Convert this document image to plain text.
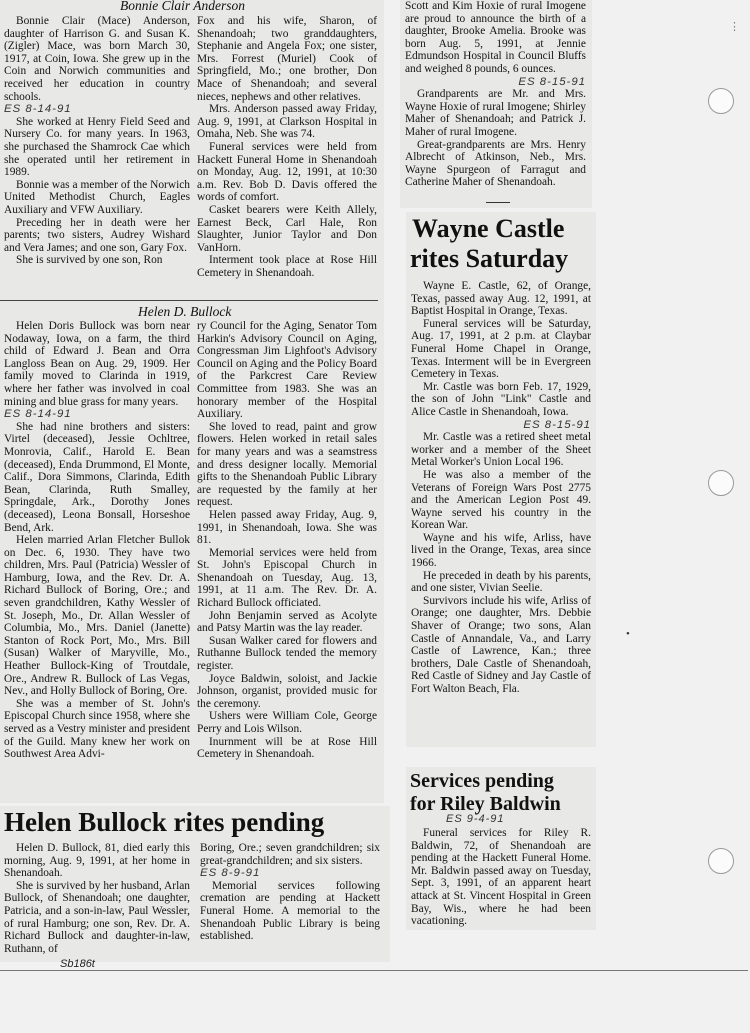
Bonnie Clair Anderson

Bonnie Clair (Mace) Anderson, daughter of Harrison G. and Susan K. (Zigler) Mace, was born March 30, 1917, at Coin, Iowa. She grew up in the Coin and Norwich communities and received her education in country schools.

ES 8-14-91

She worked at Henry Field Seed and Nursery Co. for many years. In 1963, she purchased the Shamrock Cae which she operated until her retirement in 1989.

Bonnie was a member of the Norwich United Methodist Church, Eagles Auxiliary and VFW Auxiliary.

Preceding her in death were her parents; two sisters, Audrey Wishard and Vera James; and one son, Gary Fox.

She is survived by one son, Ron

Fox and his wife, Sharon, of Shenandoah; two granddaughters, Stephanie and Angela Fox; one sister, Mrs. Forrest (Muriel) Cook of Springfield, Mo.; one brother, Don Mace of Shenandoah; and several nieces, nephews and other relatives.

Mrs. Anderson passed away Friday, Aug. 9, 1991, at Clarkson Hospital in Omaha, Neb. She was 74.

Funeral services were held from Hackett Funeral Home in Shenandoah on Monday, Aug. 12, 1991, at 10:30 a.m. Rev. Bob D. Davis offered the words of comfort.

Casket bearers were Keith Allely, Earnest Beck, Carl Hale, Ron Slaughter, Junior Taylor and Don VanHorn.

Interment took place at Rose Hill Cemetery in Shenandoah.

Helen D. Bullock

Helen Doris Bullock was born near Nodaway, Iowa, on a farm, the third child of Edward J. Bean and Orra Langloss Bean on Aug. 29, 1909. Her family moved to Clarinda in 1919, where her father was involved in coal mining and blue grass for many years.

ES 8-14-91

She had nine brothers and sisters: Virtel (deceased), Jessie Ochltree, Monrovia, Calif., Harold E. Bean (deceased), Enda Drummond, El Monte, Calif., Dora Simmons, Clarinda, Edith Bean, Clarinda, Ruth Smalley, Springdale, Ark., Dorothy Jones (deceased), Leona Bonsall, Horseshoe Bend, Ark.

Helen married Arlan Fletcher Bullok on Dec. 6, 1930. They have two children, Mrs. Paul (Patricia) Wessler of Hamburg, Iowa, and the Rev. Dr. A. Richard Bullock of Boring, Ore.; and seven grandchildren, Kathy Wessler of St. Joseph, Mo., Dr. Allan Wessler of Columbia, Mo., Mrs. Daniel (Janette) Stanton of Rock Port, Mo., Mrs. Bill (Susan) Walker of Maryville, Mo., Heather Bullock-King of Troutdale, Ore., Andrew R. Bullock of Las Vegas, Nev., and Holly Bullock of Boring, Ore.

She was a member of St. John's Episcopal Church since 1958, where she served as a Vestry minister and president of the Guild. Many knew her work on Southwest Area Advi-

ry Council for the Aging, Senator Tom Harkin's Advisory Council on Aging, Congressman Jim Lighfoot's Advisory Council on Aging and the Policy Board of the Parkcrest Care Review Committee from 1983. She was an honorary member of the Hospital Auxiliary.

She loved to read, paint and grow flowers. Helen worked in retail sales for many years and was a seamstress and dress designer locally. Memorial gifts to the Shenandoah Public Library are requested by the family at her request.

Helen passed away Friday, Aug. 9, 1991, in Shenandoah, Iowa. She was 81.

Memorial services were held from St. John's Episcopal Church in Shenandoah on Tuesday, Aug. 13, 1991, at 11 a.m. The Rev. Dr. A. Richard Bullock officiated.

John Benjamin served as Acolyte and Patsy Martin was the lay reader.

Susan Walker cared for flowers and Ruthanne Bullock tended the memory register.

Joyce Baldwin, soloist, and Jackie Johnson, organist, provided music for the ceremony.

Ushers were William Cole, George Perry and Lois Wilson.

Inurnment will be at Rose Hill Cemetery in Shenandoah.

Helen Bullock rites pending

Helen D. Bullock, 81, died early this morning, Aug. 9, 1991, at her home in Shenandoah.

She is survived by her husband, Arlan Bullock, of Shenandoah; one daughter, Patricia, and a son-in-law, Paul Wessler, of rural Hamburg; one son, Rev. Dr. A. Richard Bullock and daughter-in-law, Ruthann, of

Boring, Ore.; seven grandchildren; six great-grandchildren; and six sisters.

ES 8-9-91

Memorial services following cremation are pending at Hackett Funeral Home. A memorial to the Shenandoah Public Library is being established.

Scott and Kim Hoxie of rural Imogene are proud to announce the birth of a daughter, Brooke Amelia. Brooke was born Aug. 5, 1991, at Jennie Edmundson Hospital in Council Bluffs and weighed 8 pounds, 6 ounces.

ES 8-15-91

Grandparents are Mr. and Mrs. Wayne Hoxie of rural Imogene; Shirley Maher of Shenandoah; and Patrick J. Maher of rural Imogene.

Great-grandparents are Mrs. Henry Albrecht of Atkinson, Neb., Mrs. Wayne Spurgeon of Farragut and Catherine Maher of Shenandoah.

Wayne Castle
rites Saturday

Wayne E. Castle, 62, of Orange, Texas, passed away Aug. 12, 1991, at Baptist Hospital in Orange, Texas.

Funeral services will be Saturday, Aug. 17, 1991, at 2 p.m. at Claybar Funeral Home Chapel in Orange, Texas. Interment will be in Evergreen Cemetery in Texas.

Mr. Castle was born Feb. 17, 1929, the son of John "Link" Castle and Alice Castle in Shenandoah, Iowa.

ES 8-15-91

Mr. Castle was a retired sheet metal worker and a member of the Sheet Metal Worker's Union Local 196.

He was also a member of the Veterans of Foreign Wars Post 2775 and the American Legion Post 49. Wayne served his country in the Korean War.

Wayne and his wife, Arliss, have lived in the Orange, Texas, area since 1966.

He preceded in death by his parents, and one sister, Vivian Seelie.

Survivors include his wife, Arliss of Orange; one daughter, Mrs. Debbie Shaver of Orange; two sons, Alan Castle of Annandale, Va., and Larry Castle of Lawrence, Kan.; three brothers, Dale Castle of Shenandoah, Red Castle of Sidney and Jay Castle of Fort Walton Beach, Fla.

Services pending
for Riley Baldwin
ES 9-4-91

Funeral services for Riley R. Baldwin, 72, of Shenandoah are pending at the Hackett Funeral Home. Mr. Baldwin passed away on Tuesday, Sept. 3, 1991, of an apparent heart attack at St. Vincent Hospital in Green Bay, Wis., where he had been vacationing.

⋮
•
Sb186t
